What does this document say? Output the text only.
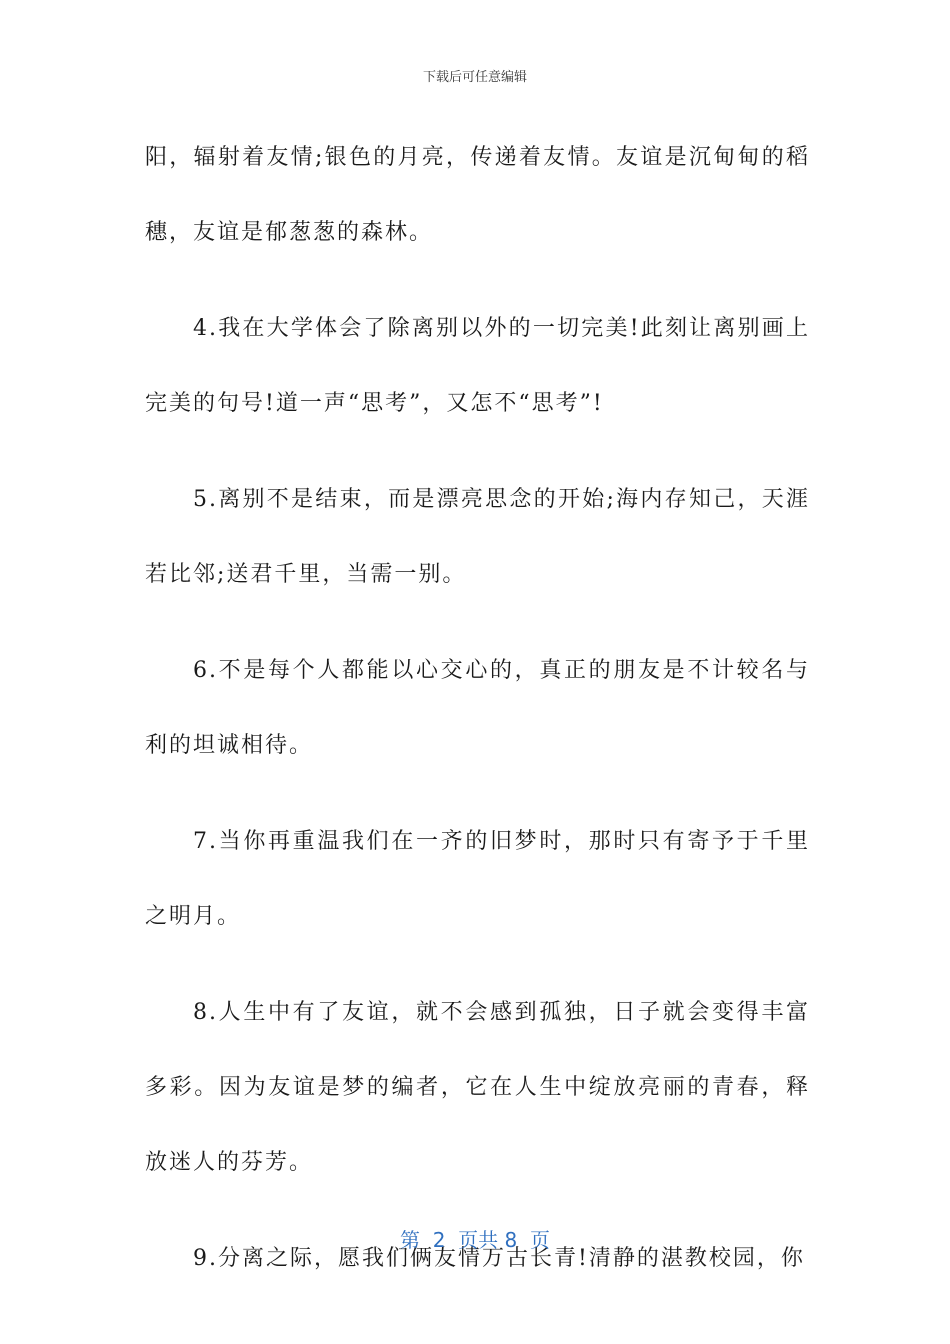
下载后可任意编辑

阳，辐射着友情;银色的月亮，传递着友情。友谊是沉甸甸的稻穗，友谊是郁葱葱的森林。

4.我在大学体会了除离别以外的一切完美!此刻让离别画上完美的句号!道一声“思考”，又怎不“思考”!

5.离别不是结束，而是漂亮思念的开始;海内存知己，天涯若比邻;送君千里，当需一别。

6.不是每个人都能以心交心的，真正的朋友是不计较名与利的坦诚相待。

7.当你再重温我们在一齐的旧梦时，那时只有寄予于千里之明月。

8.人生中有了友谊，就不会感到孤独，日子就会变得丰富多彩。因为友谊是梦的编者，它在人生中绽放亮丽的青春，释放迷人的芬芳。

9.分离之际，愿我们俩友情万古长青!清静的湛教校园，你

第  2  页共 8  页
